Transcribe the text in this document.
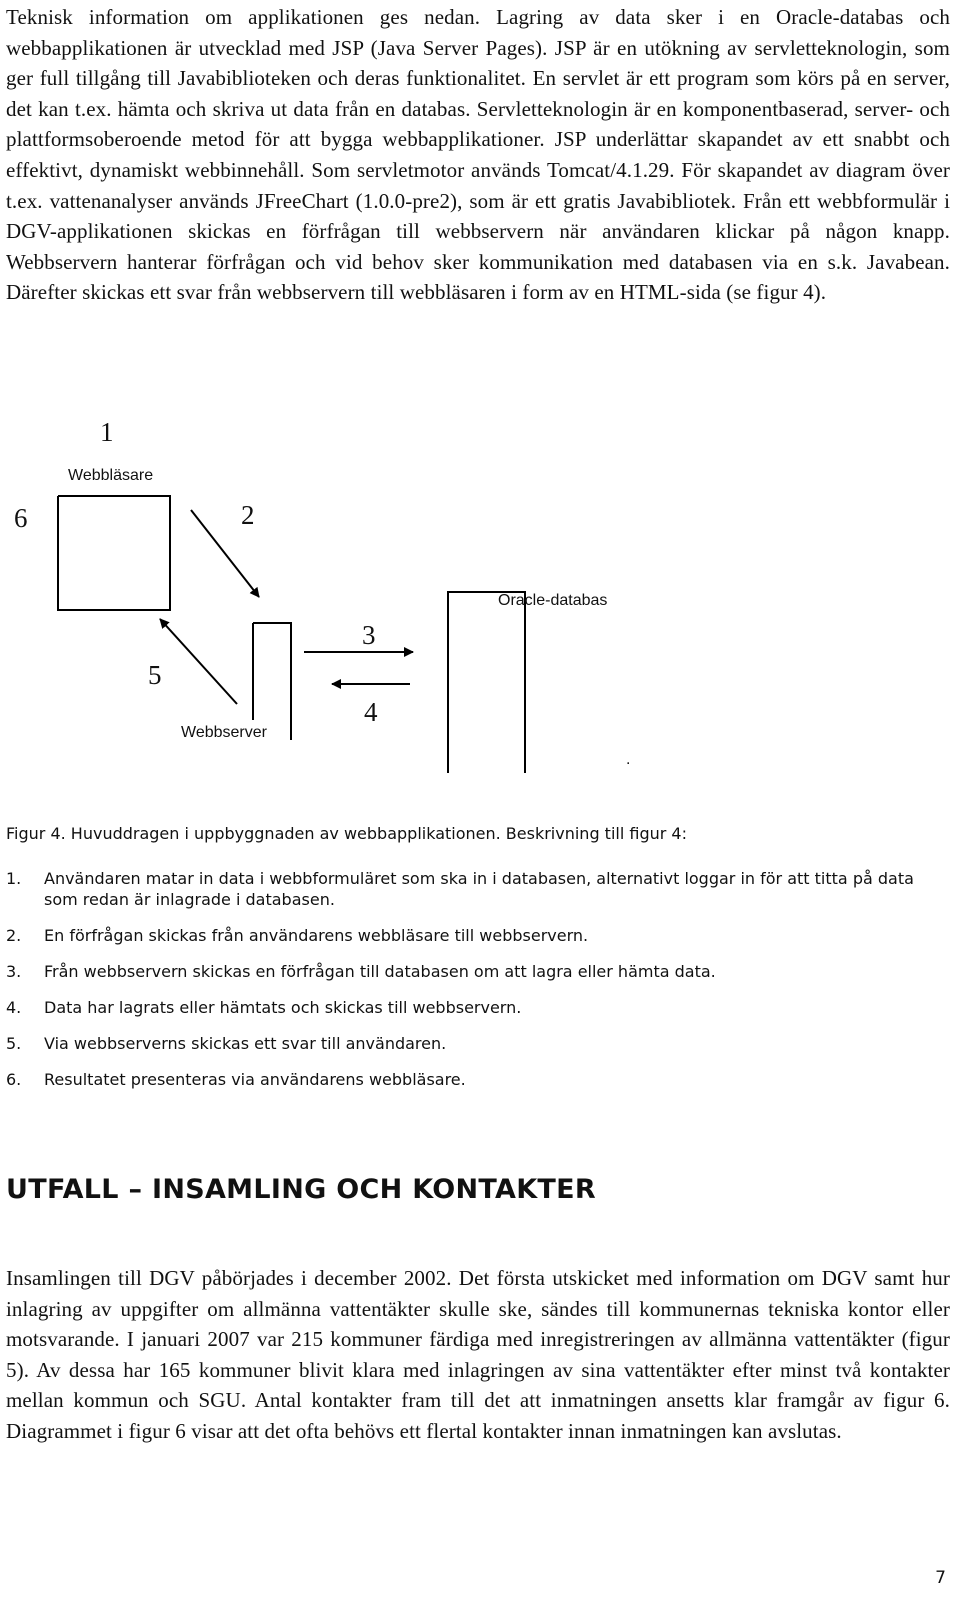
Teknisk information om applikationen ges nedan. Lagring av data sker i en Oracle-databas och webbapplikationen är utvecklad med JSP (Java Server Pages). JSP är en utökning av servletteknologin, som ger full tillgång till Javabiblioteken och deras funktionalitet. En servlet är ett program som körs på en server, det kan t.ex. hämta och skriva ut data från en databas. Servletteknologin är en komponentbaserad, server- och plattformsoberoende metod för att bygga webbapplikationer. JSP underlättar skapandet av ett snabbt och effektivt, dynamiskt webbinnehåll. Som servletmotor används Tomcat/4.1.29. För skapandet av diagram över t.ex. vattenanalyser används JFreeChart (1.0.0-pre2), som är ett gratis Javabibliotek. Från ett webbformulär i DGV-applikationen skickas en förfrågan till webbservern när användaren klickar på någon knapp. Webbservern hanterar förfrågan och vid behov sker kommunikation med databasen via en s.k. Javabean. Därefter skickas ett svar från webbservern till webbläsaren i form av en HTML-sida (se figur 4).
1
Webbläsare
6	2
Oracle-databas
3
5
4
Webbserver
.
Figur 4. Huvuddragen i uppbyggnaden av webbapplikationen. Beskrivning till figur 4:
1. Användaren matar in data i webbformuläret som ska in i databasen, alternativt loggar in för att titta på data som redan är inlagrade i databasen.
2. En förfrågan skickas från användarens webbläsare till webbservern.
3. Från webbservern skickas en förfrågan till databasen om att lagra eller hämta data.
4. Data har lagrats eller hämtats och skickas till webbservern.
5. Via webbserverns skickas ett svar till användaren.
6. Resultatet presenteras via användarens webbläsare.
UTFALL – INSAMLING OCH KONTAKTER
Insamlingen till DGV påbörjades i december 2002. Det första utskicket med information om DGV samt hur inlagring av uppgifter om allmänna vattentäkter skulle ske, sändes till kommunernas tekniska kontor eller motsvarande. I januari 2007 var 215 kommuner färdiga med inregistreringen av allmänna vattentäkter (figur 5). Av dessa har 165 kommuner blivit klara med inlagringen av sina vattentäkter efter minst två kontakter mellan kommun och SGU. Antal kontakter fram till det att inmatningen ansetts klar framgår av figur 6. Diagrammet i figur 6 visar att det ofta behövs ett flertal kontakter innan inmatningen kan avslutas.
7
